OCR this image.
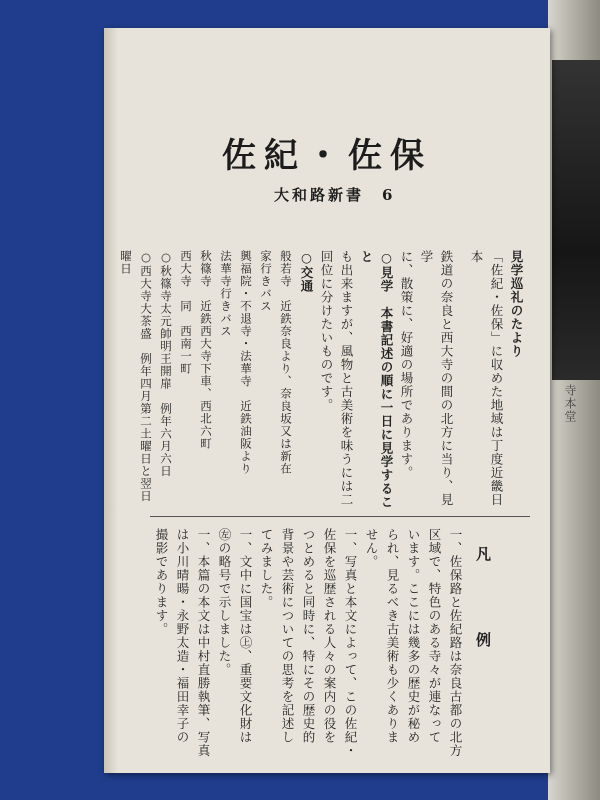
寺本堂
佐紀・佐保
大和路新書　6
見学巡礼のたより
「佐紀・佐保」に収めた地域は丁度近畿日本
鉄道の奈良と西大寺の間の北方に当り、見学
に、散策に、好適の場所であります。
○見学　本書記述の順に一日に見学すること
も出来ますが、風物と古美術を味うには二
回位に分けたいものです。
○交通
般若寺　近鉄奈良より、奈良坂又は新在
家行きバス
興福院・不退寺・法華寺　近鉄油阪より
法華寺行きバス
秋篠寺　近鉄西大寺下車、西北六町
西大寺　同　西南一町
○秋篠寺太元帥明王開扉　例年六月六日
○西大寺大茶盛　例年四月第二土曜日と翌日
曜日
凡　例
一、佐保路と佐紀路は奈良古都の北方
区域で、特色のある寺々が連なって
います。ここには幾多の歴史が秘め
られ、見るべき古美術も少くありま
せん。
一、写真と本文によって、この佐紀・
佐保を巡歴される人々の案内の役を
つとめると同時に、特にその歴史的
背景や芸術についての思考を記述し
てみました。
一、文中に国宝は㊤、重要文化財は
㊧の略号で示しました。
一、本篇の本文は中村直勝執筆、写真
は小川晴暘・永野太造・福田幸子の
撮影であります。
